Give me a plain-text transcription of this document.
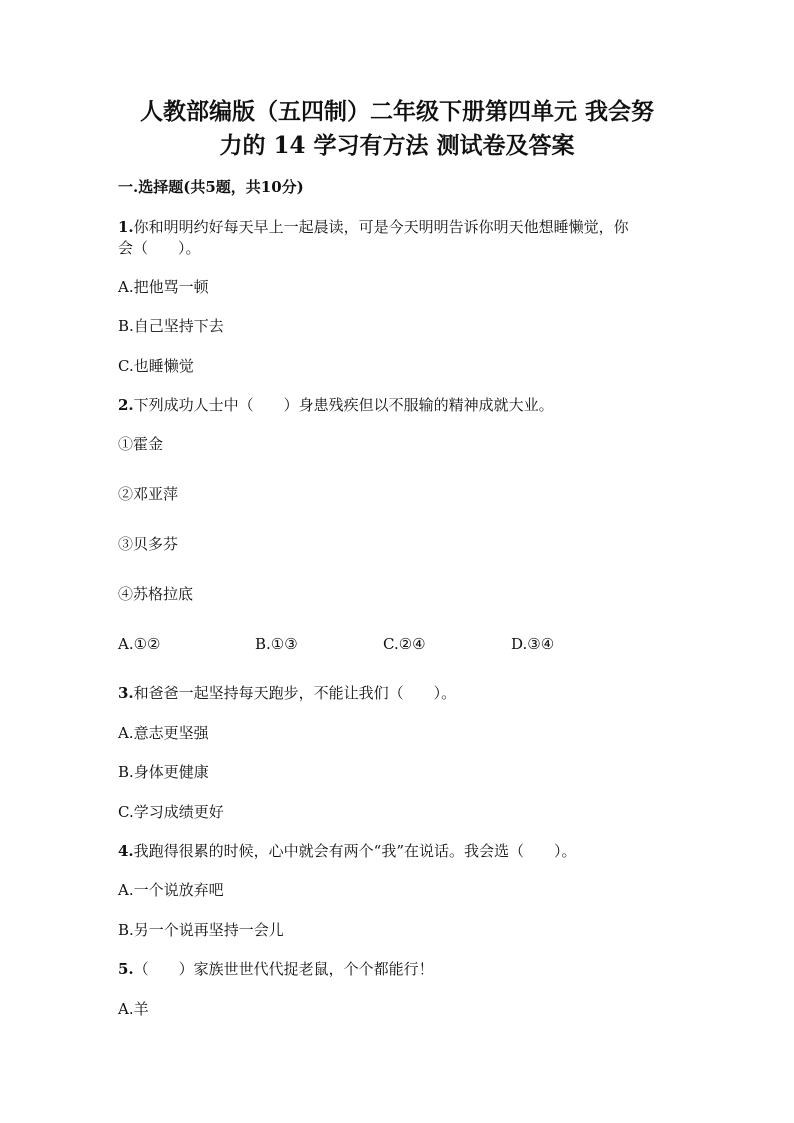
人教部编版（五四制）二年级下册第四单元 我会努
力的 14 学习有方法 测试卷及答案
一.选择题(共5题，共10分)
1.你和明明约好每天早上一起晨读，可是今天明明告诉你明天他想睡懒觉，你
会（　　）。
A.把他骂一顿
B.自己坚持下去
C.也睡懒觉
2.下列成功人士中（　　）身患残疾但以不服输的精神成就大业。
①霍金
②邓亚萍
③贝多芬
④苏格拉底
A.①②	B.①③	C.②④	D.③④
3.和爸爸一起坚持每天跑步，不能让我们（　　）。
A.意志更坚强
B.身体更健康
C.学习成绩更好
4.我跑得很累的时候，心中就会有两个“我”在说话。我会选（　　）。
A.一个说放弃吧
B.另一个说再坚持一会儿
5.（　　）家族世世代代捉老鼠，个个都能行！
A.羊
